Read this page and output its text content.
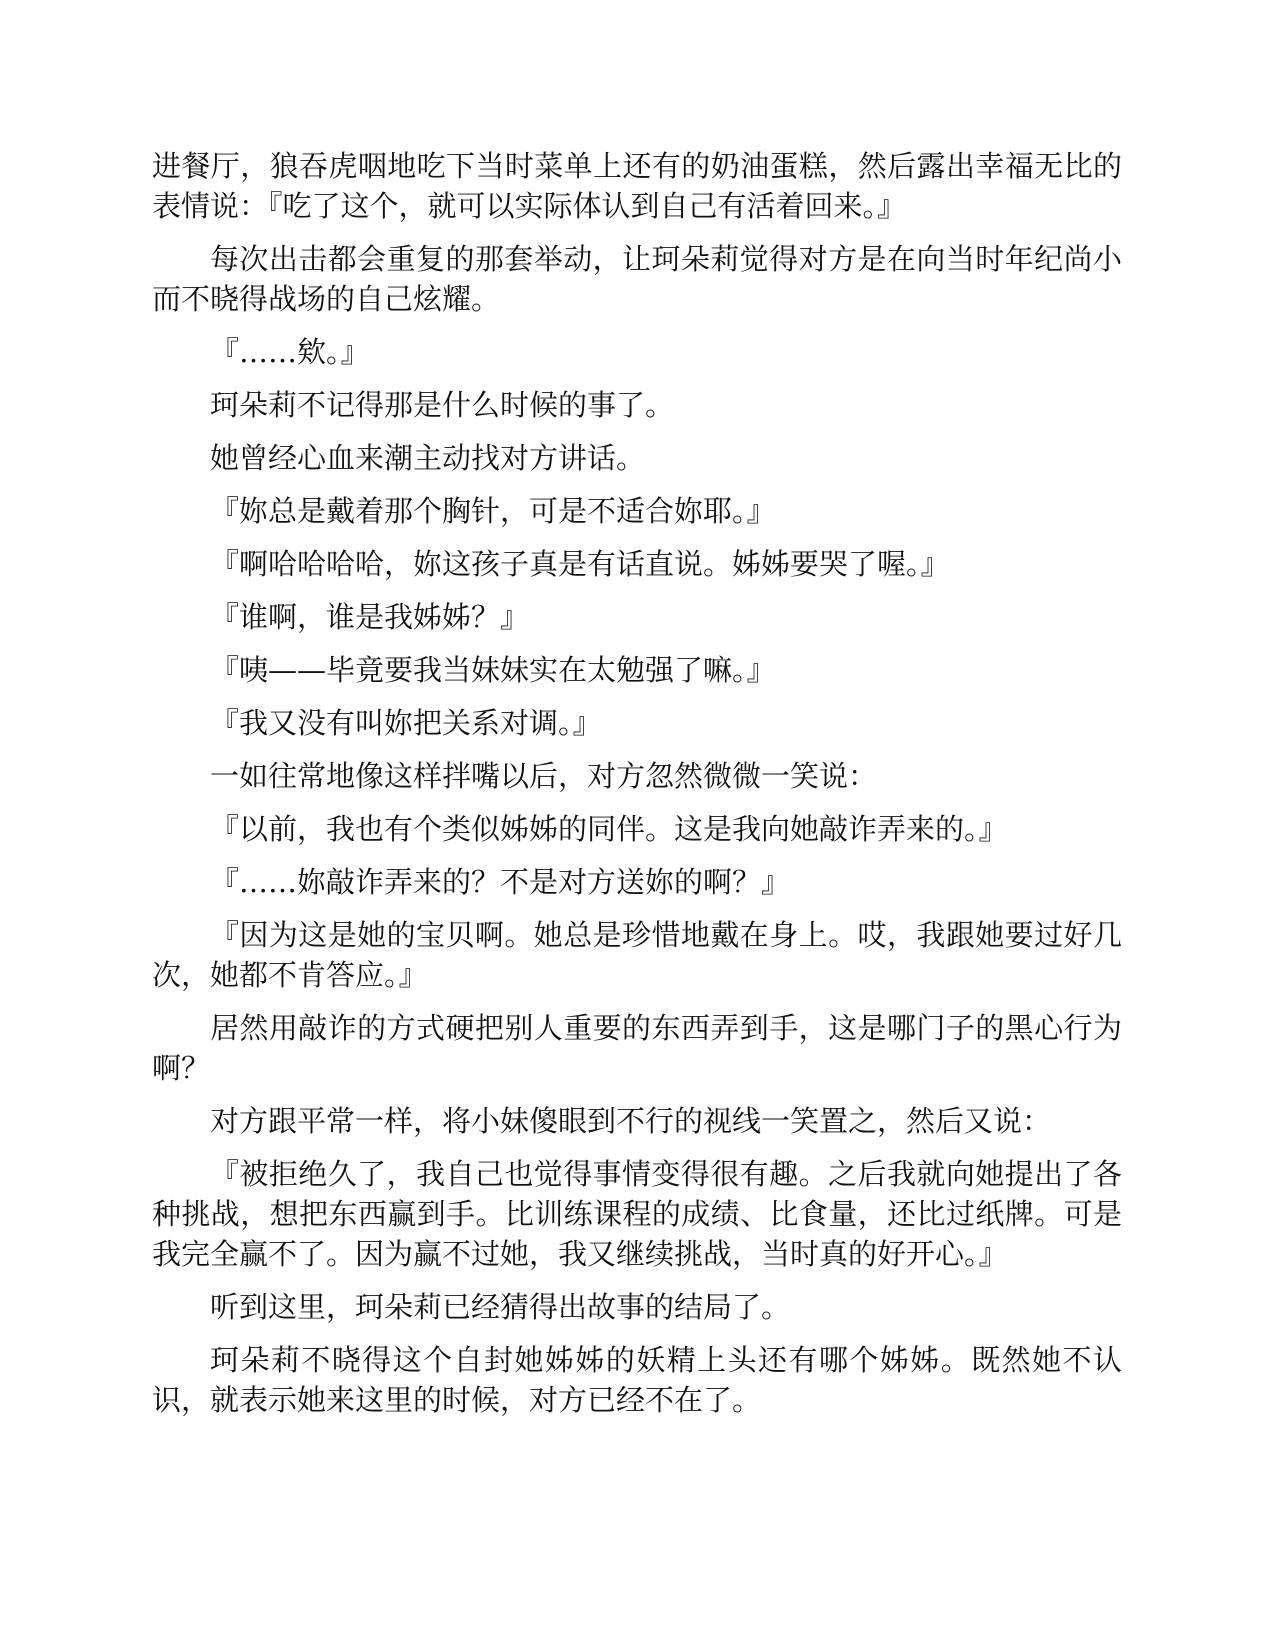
进餐厅，狼吞虎咽地吃下当时菜单上还有的奶油蛋糕，然后露出幸福无比的表情说：『吃了这个，就可以实际体认到自己有活着回来。』

每次出击都会重复的那套举动，让珂朵莉觉得对方是在向当时年纪尚小而不晓得战场的自己炫耀。

『……欸。』

珂朵莉不记得那是什么时候的事了。

她曾经心血来潮主动找对方讲话。

『妳总是戴着那个胸针，可是不适合妳耶。』

『啊哈哈哈哈，妳这孩子真是有话直说。姊姊要哭了喔。』

『谁啊，谁是我姊姊？』

『咦——毕竟要我当妹妹实在太勉强了嘛。』

『我又没有叫妳把关系对调。』

一如往常地像这样拌嘴以后，对方忽然微微一笑说：

『以前，我也有个类似姊姊的同伴。这是我向她敲诈弄来的。』

『……妳敲诈弄来的？不是对方送妳的啊？』

『因为这是她的宝贝啊。她总是珍惜地戴在身上。哎，我跟她要过好几次，她都不肯答应。』

居然用敲诈的方式硬把别人重要的东西弄到手，这是哪门子的黑心行为啊？

对方跟平常一样，将小妹傻眼到不行的视线一笑置之，然后又说：

『被拒绝久了，我自己也觉得事情变得很有趣。之后我就向她提出了各种挑战，想把东西赢到手。比训练课程的成绩、比食量，还比过纸牌。可是我完全赢不了。因为赢不过她，我又继续挑战，当时真的好开心。』

听到这里，珂朵莉已经猜得出故事的结局了。

珂朵莉不晓得这个自封她姊姊的妖精上头还有哪个姊姊。既然她不认识，就表示她来这里的时候，对方已经不在了。
